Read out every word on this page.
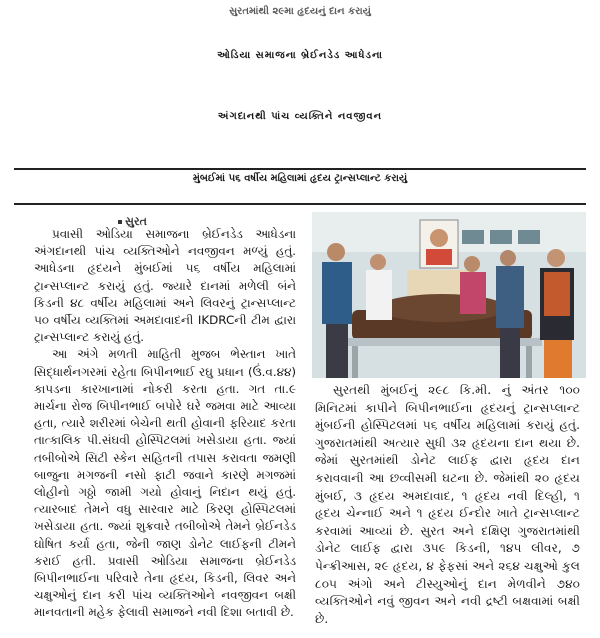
સુરતમાંથી ૨૯મા હૃદયનું દાન કરાયું
ઓડિયા સમાજના બ્રેઈનડેડ આધેડના
અંગદાનથી પાંચ વ્યક્તિને નવજીવન
મુંબઈમાં ૫૬ વર્ષીય મહિલામાં હૃદય ટ્રાન્સપ્લાન્ટ કરાયું
સુરત

પ્રવાસી ઓડિયા સમાજના બ્રેઈનડેડ આધેડના અંગદાનથી પાંચ વ્યક્તિઓને નવજીવન મળ્યું હતું. આધેડના હૃદયને મુંબઈમાં ૫૬ વર્ષીય મહિલામાં ટ્રાન્સપ્લાન્ટ કરાયું હતું. જ્યારે દાનમાં મળેલી બંને કિડની ૪૮ વર્ષીય મહિલામાં અને લિવરનું ટ્રાન્સપ્લાન્ટ ૫૦ વર્ષીય વ્યક્તિમાં અમદાવાદની IKDRCની ટીમ દ્વારા ટ્રાન્સપ્લાન્ટ કરાયું હતું.

આ અંગે મળતી માહિતી મુજબ ભેસ્તાન ખાતે સિદ્ધાર્થનગરમાં રહેતા બિપીનભાઈ રઘુ પ્રધાન (ઉં.વ.૪૪) કાપડના કારખાનામાં નોકરી કરતા હતા. ગત તા.૯ માર્ચના રોજ બિપીનભાઈ બપોરે ઘરે જમવા માટે આવ્યા હતા, ત્યારે શરીરમાં બેચેની થતી હોવાની ફરિયાદ કરતા તાત્કાલિક પી.સંઘવી હોસ્પિટલમાં ખસેડાયા હતા. જ્યાં તબીબોએ સિટી સ્કેન સહિતની તપાસ કરાવતા જમણી બાજુના મગજની નસો ફાટી જવાને કારણે મગજમાં લોહીનો ગઠ્ઠો જામી ગયો હોવાનું નિદાન થયું હતું. ત્યારબાદ તેમને વધુ સારવાર માટે કિરણ હોસ્પિટલમાં ખસેડાયા હતા. જ્યાં શુક્રવારે તબીબોએ તેમને બ્રેઈનડેડ ઘોષિત કર્યા હતા, જેની જાણ ડોનેટ લાઈફની ટીમને કરાઈ હતી. પ્રવાસી ઓડિયા સમાજના બ્રેઈનડેડ બિપીનભાઈના પરિવારે તેના હૃદય, કિડની, લિવર અને ચક્ષુઓનું દાન કરી પાંચ વ્યક્તિઓને નવજીવન બક્ષી માનવતાની મહેક ફેલાવી સમાજને નવી દિશા બતાવી છે.

સુરતથી મુંબઈનું ૨૯૮ કિ.મી. નું અંતર ૧૦૦ મિનિટમાં કાપીને બિપીનભાઈના હૃદયનું ટ્રાન્સપ્લાન્ટ મુંબઈની હોસ્પિટલમાં ૫૬ વર્ષીય મહિલામાં કરાયું હતું. ગુજરાતમાંથી અત્યાર સુધી ૩૨ હૃદયના દાન થયા છે. જેમાં સુરતમાંથી ડોનેટ લાઈફ દ્વારા હૃદય દાન કરાવવાની આ છવ્વીસમી ઘટના છે. જેમાંથી ૨૦ હૃદય મુંબઈ, ૩ હૃદય અમદાવાદ, ૧ હૃદય નવી દિલ્હી, ૧ હૃદય ચેન્નાઈ અને ૧ હૃદય ઈન્દોર ખાતે ટ્રાન્સપ્લાન્ટ કરવામાં આવ્યાં છે. સુરત અને દક્ષિણ ગુજરાતમાંથી ડોનેટ લાઈફ દ્વારા ૩૫૯ કિડની, ૧૪૫ લીવર, ૭ પેન્ક્રીઆસ, ૨૯ હૃદય, ૪ ફેફસાં અને ૨૬૪ ચક્ષુઓ કુલ ૮૦૫ અંગો અને ટીસ્યુઓનું દાન મેળવીને ૭૪૦ વ્યક્તિઓને નવું જીવન અને નવી દ્રષ્ટી બક્ષવામાં બક્ષી છે.
